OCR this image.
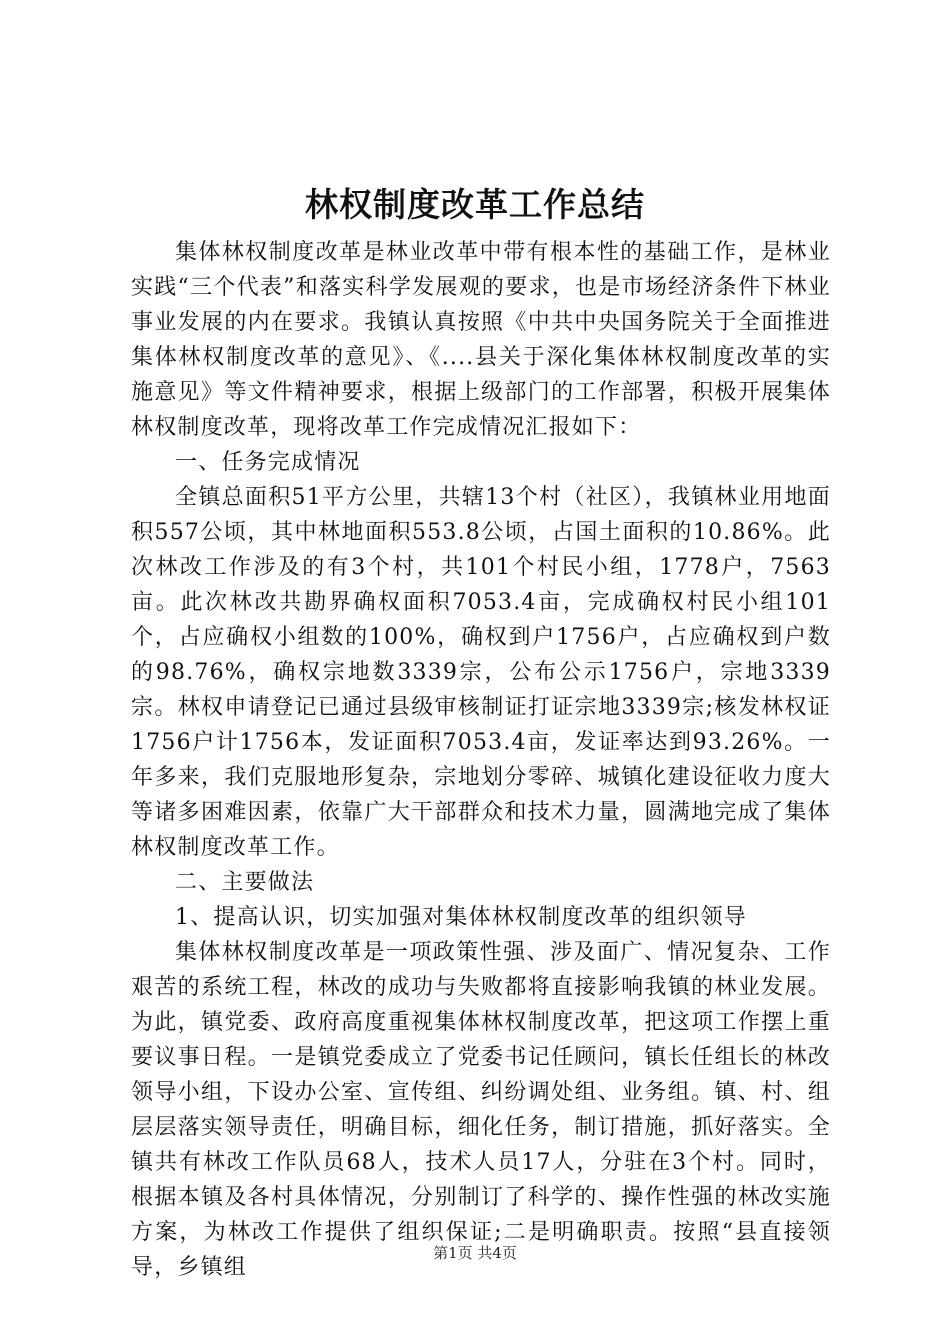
林权制度改革工作总结

集体林权制度改革是林业改革中带有根本性的基础工作，是林业实践“三个代表”和落实科学发展观的要求，也是市场经济条件下林业事业发展的内在要求。我镇认真按照《中共中央国务院关于全面推进集体林权制度改革的意见》、《....县关于深化集体林权制度改革的实施意见》等文件精神要求，根据上级部门的工作部署，积极开展集体林权制度改革，现将改革工作完成情况汇报如下：

一、任务完成情况

全镇总面积51平方公里，共辖13个村（社区），我镇林业用地面积557公顷，其中林地面积553.8公顷，占国土面积的10.86%。此次林改工作涉及的有3个村，共101个村民小组，1778户，7563亩。此次林改共勘界确权面积7053.4亩，完成确权村民小组101个，占应确权小组数的100%，确权到户1756户，占应确权到户数的98.76%，确权宗地数3339宗，公布公示1756户，宗地3339宗。林权申请登记已通过县级审核制证打证宗地3339宗;核发林权证1756户计1756本，发证面积7053.4亩，发证率达到93.26%。一年多来，我们克服地形复杂，宗地划分零碎、城镇化建设征收力度大等诸多困难因素，依靠广大干部群众和技术力量，圆满地完成了集体林权制度改革工作。

二、主要做法

1、提高认识，切实加强对集体林权制度改革的组织领导

集体林权制度改革是一项政策性强、涉及面广、情况复杂、工作艰苦的系统工程，林改的成功与失败都将直接影响我镇的林业发展。为此，镇党委、政府高度重视集体林权制度改革，把这项工作摆上重要议事日程。一是镇党委成立了党委书记任顾问，镇长任组长的林改领导小组，下设办公室、宣传组、纠纷调处组、业务组。镇、村、组层层落实领导责任，明确目标，细化任务，制订措施，抓好落实。全镇共有林改工作队员68人，技术人员17人，分驻在3个村。同时，根据本镇及各村具体情况，分别制订了科学的、操作性强的林改实施方案，为林改工作提供了组织保证;二是明确职责。按照“县直接领导，乡镇组

第1页 共4页
